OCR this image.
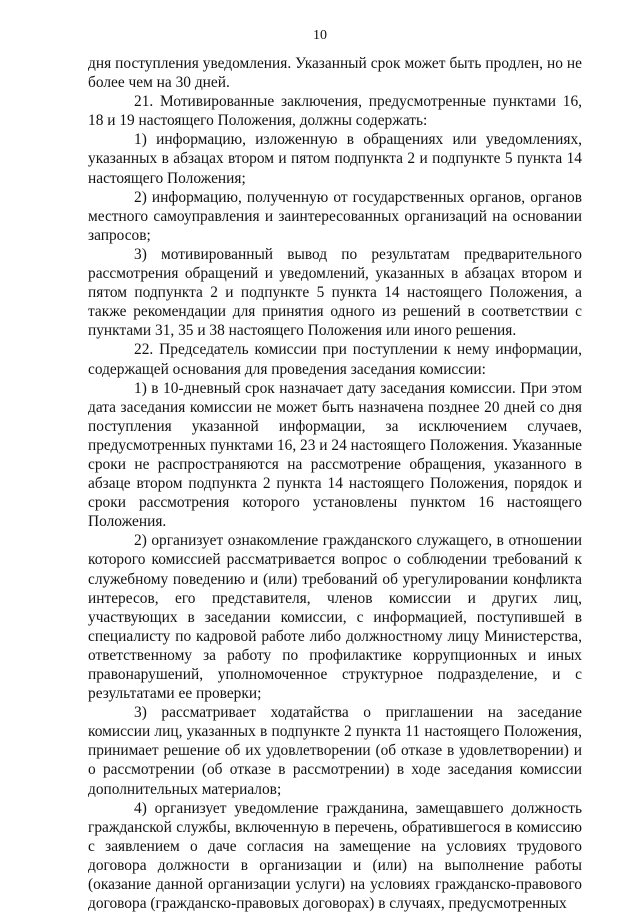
10

дня поступления уведомления. Указанный срок может быть продлен, но не более чем на 30 дней.

21. Мотивированные заключения, предусмотренные пунктами 16, 18 и 19 настоящего Положения, должны содержать:

1) информацию, изложенную в обращениях или уведомлениях, указанных в абзацах втором и пятом подпункта 2 и подпункте 5 пункта 14 настоящего Положения;

2) информацию, полученную от государственных органов, органов местного самоуправления и заинтересованных организаций на основании запросов;

3) мотивированный вывод по результатам предварительного рассмотрения обращений и уведомлений, указанных в абзацах втором и пятом подпункта 2 и подпункте 5 пункта 14 настоящего Положения, а также рекомендации для принятия одного из решений в соответствии с пунктами 31, 35 и 38 настоящего Положения или иного решения.

22. Председатель комиссии при поступлении к нему информации, содержащей основания для проведения заседания комиссии:

1) в 10-дневный срок назначает дату заседания комиссии. При этом дата заседания комиссии не может быть назначена позднее 20 дней со дня поступления указанной информации, за исключением случаев, предусмотренных пунктами 16, 23 и 24 настоящего Положения. Указанные сроки не распространяются на рассмотрение обращения, указанного в абзаце втором подпункта 2 пункта 14 настоящего Положения, порядок и сроки рассмотрения которого установлены пунктом 16 настоящего Положения.

2) организует ознакомление гражданского служащего, в отношении которого комиссией рассматривается вопрос о соблюдении требований к служебному поведению и (или) требований об урегулировании конфликта интересов, его представителя, членов комиссии и других лиц, участвующих в заседании комиссии, с информацией, поступившей в специалисту по кадровой работе либо должностному лицу Министерства, ответственному за работу по профилактике коррупционных и иных правонарушений, уполномоченное структурное подразделение, и с результатами ее проверки;

3) рассматривает ходатайства о приглашении на заседание комиссии лиц, указанных в подпункте 2 пункта 11 настоящего Положения, принимает решение об их удовлетворении (об отказе в удовлетворении) и о рассмотрении (об отказе в рассмотрении) в ходе заседания комиссии дополнительных материалов;

4) организует уведомление гражданина, замещавшего должность гражданской службы, включенную в перечень, обратившегося в комиссию с заявлением о даче согласия на замещение на условиях трудового договора должности в организации и (или) на выполнение работы (оказание данной организации услуги) на условиях гражданско-правового договора (гражданско-правовых договорах) в случаях, предусмотренных
